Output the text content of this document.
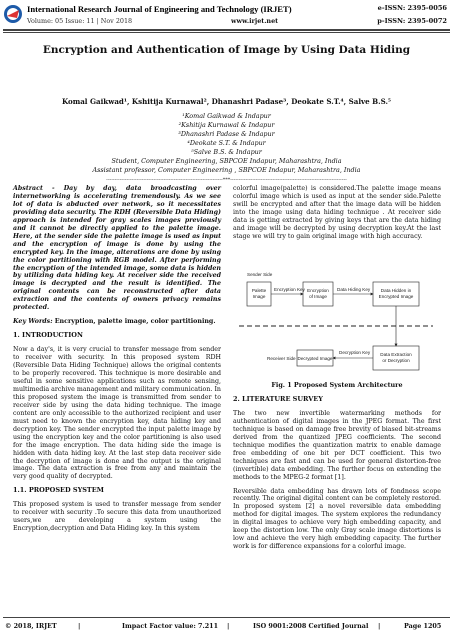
International Research Journal of Engineering and Technology (IRJET)
Volume: 05 Issue: 11 | Nov 2018	www.irjet.net
e-ISSN: 2395-0056
p-ISSN: 2395-0072
Encryption and Authentication of Image by Using Data Hiding
Komal Gaikwad¹, Kshitija Kurnawal², Dhanashri Padase³, Deokate S.T.⁴, Salve B.S.⁵
¹Komal Gaikwad & Indapur
²Kshitija Kurnawal & Indapur
³Dhanashri Padase & Indapur
⁴Deokate S.T. & Indapur
⁵Salve B.S. & Indapur
Student, Computer Engineering, SBPCOE Indapur, Maharashtra, India
Assistant professor, Computer Engineering , SBPCOE Indapur, Maharashtra, India
---------------------------------------------------------------------***---------------------------------------------------------------------

Abstract - Day by day, data broadcasting over internetworking is accelerating tremendously. As we see lot of data is abducted over network, so it necessitates providing data security. The RDH (Reversible Data Hiding) approach is intended for gray scales images previously and it cannot be directly applied to the palette image. Here, at the sender side the palette image is used as input and the encryption of image is done by using the encrypted key. In the image, alterations are done by using the color partitioning with RGB model. After performing the encryption of the intended image, some data is hidden by utilizing data hiding key. At receiver side the received image is decrypted and the result is identified. The original contents can be reconstructed after data extraction and the contents of owners privacy remains protected.

Key Words: Encryption, palette image, color partitioning.

1. INTRODUCTION

Now a day's, it is very crucial to transfer message from sender to receiver with security. In this proposed system RDH (Reversible Data Hiding Technique) allows the original contents to be properly recovered. This technique is more desirable and useful in some sensitive applications such as remote sensing, multimedia archive management and military communication. In this proposed system the image is transmitted from sender to receiver side by using the data hiding technique. The image content are only accessible to the authorized recipient and user must need to known the encryption key, data hiding key and decryption key. The sender encrypted the input palette image by using the encryption key and the color partitioning is also used for the image encryption. The data hiding side the image is hidden with data hiding key. At the last step data receiver side the decryption of image is done and the output is the original image. The data extraction is free from any and maintain the very good quality of decrypted.

1.1. PROPOSED SYSTEM

This proposed system is used to transfer message from sender to receiver with security .To secure this data from unauthorized users,we are developing a system using the Encryption,decryption and Data Hiding key. In this system

colorful image(palette) is considered.The palette image means colorful image which is used as input at the sender side.Palette swill be encrypted and after that the image data will be hidden into the image using data hiding technique . At receiver side data is getting extracted by giving keys that are the data hiding and image will be decrypted by using decryption key.At the last stage we will try to gain original image with high accuracy.

Sender Side
Palette Image
Encryption Key Encryption of Image
Data Hiding Key	Data Hidden in Encrypted Image
Data Extraction or Decryption
Decryption Key
Decrypted Image
Receiver Side
Fig. 1 Proposed System Architecture

2. LITERATURE SURVEY

The two new invertible watermarking methods for authentication of digital images in the JPEG format. The first technique is based on damage free brevity of biased bit-streams derived from the quantized JPEG coefficients. The second technique modifies the quantization matrix to enable damage free embedding of one bit per DCT coefficient. This two techniques are fast and can be used for general distortion-free (invertible) data embedding. The further focus on extending the methods to the MPEG-2 format [1].

Reversible data embedding has drawn lots of fondness scope recently. The original digital content can be completely restored. In proposed system [2] a novel reversible data embedding method for digital images. The system explores the redundancy in digital images to achieve very high embedding capacity, and keep the distortion low. The only Gray scale image distortions is low and achieve the very high embedding capacity. The further work is for difference expansions for a colorful image.

© 2018, IRJET	|	Impact Factor value: 7.211 |	ISO 9001:2008 Certified Journal |	Page 1205
